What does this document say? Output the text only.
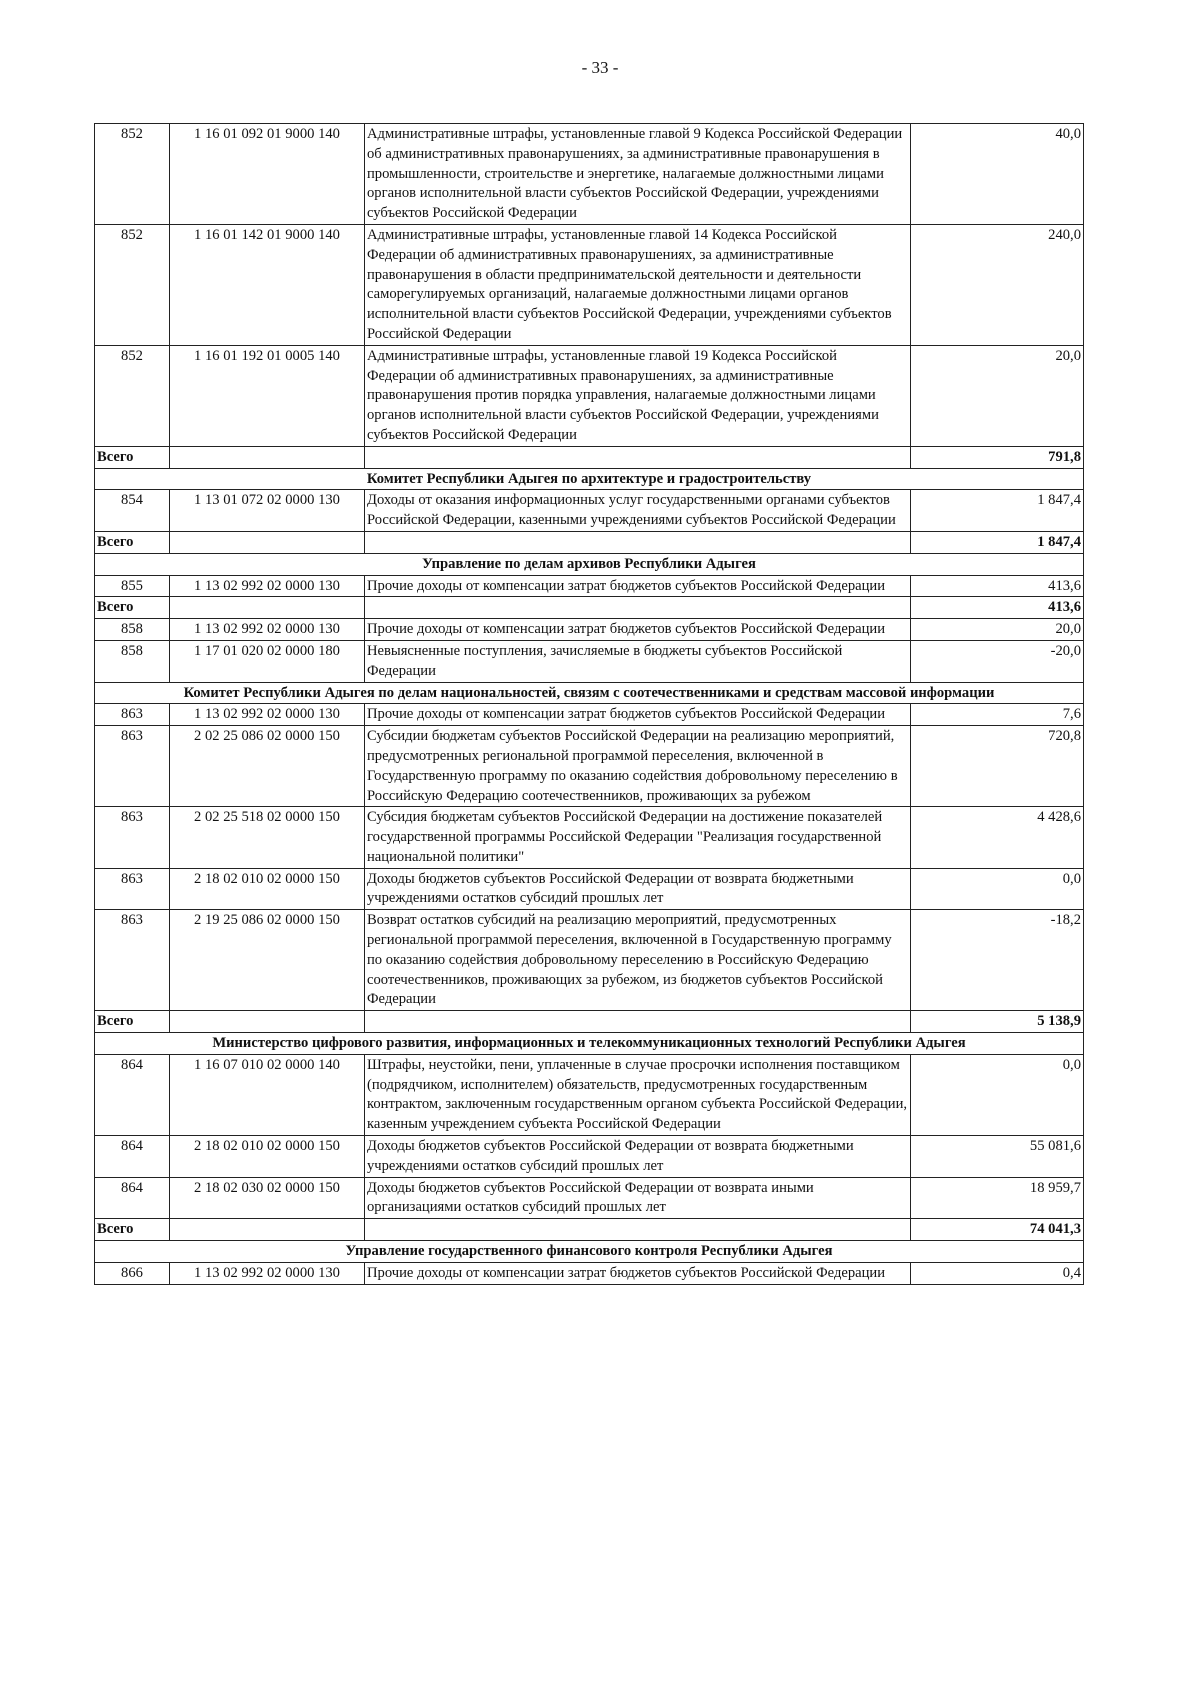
- 33 -
852	1 16 01 092 01 9000 140	Административные штрафы, установленные главой 9 Кодекса Российской Федерации об административных правонарушениях, за административные правонарушения в промышленности, строительстве и энергетике, налагаемые должностными лицами органов исполнительной власти субъектов Российской Федерации, учреждениями субъектов Российской Федерации	40,0
852	1 16 01 142 01 9000 140	Административные штрафы, установленные главой 14 Кодекса Российской Федерации об административных правонарушениях, за административные правонарушения в области предпринимательской деятельности и деятельности саморегулируемых организаций, налагаемые должностными лицами органов исполнительной власти субъектов Российской Федерации, учреждениями субъектов Российской Федерации	240,0
852	1 16 01 192 01 0005 140	Административные штрафы, установленные главой 19 Кодекса Российской Федерации об административных правонарушениях, за административные правонарушения против порядка управления, налагаемые должностными лицами органов исполнительной власти субъектов Российской Федерации, учреждениями субъектов Российской Федерации	20,0
Всего			791,8
Комитет Республики Адыгея по архитектуре и градостроительству			
854	1 13 01 072 02 0000 130	Доходы от оказания информационных услуг государственными органами субъектов Российской Федерации, казенными учреждениями субъектов Российской Федерации	1 847,4
Всего			1 847,4
Управление по делам архивов Республики Адыгея			
855	1 13 02 992 02 0000 130	Прочие доходы от компенсации затрат бюджетов субъектов Российской Федерации	413,6
Всего			413,6
858	1 13 02 992 02 0000 130	Прочие доходы от компенсации затрат бюджетов субъектов Российской Федерации	20,0
858	1 17 01 020 02 0000 180	Невыясненные поступления, зачисляемые в бюджеты субъектов Российской Федерации	-20,0
Комитет Республики Адыгея по делам национальностей, связям с соотечественниками и средствам массовой информации			
863	1 13 02 992 02 0000 130	Прочие доходы от компенсации затрат бюджетов субъектов Российской Федерации	7,6
863	2 02 25 086 02 0000 150	Субсидии бюджетам субъектов Российской Федерации на реализацию мероприятий, предусмотренных региональной программой переселения, включенной в Государственную программу по оказанию содействия добровольному переселению в Российскую Федерацию соотечественников, проживающих за рубежом	720,8
863	2 02 25 518 02 0000 150	Субсидия бюджетам субъектов Российской Федерации на достижение показателей государственной программы Российской Федерации "Реализация государственной национальной политики"	4 428,6
863	2 18 02 010 02 0000 150	Доходы бюджетов субъектов Российской Федерации от возврата бюджетными учреждениями остатков субсидий прошлых лет	0,0
863	2 19 25 086 02 0000 150	Возврат остатков субсидий на реализацию мероприятий, предусмотренных региональной программой переселения, включенной в Государственную программу по оказанию содействия добровольному переселению в Российскую Федерацию соотечественников, проживающих за рубежом, из бюджетов субъектов Российской Федерации	-18,2
Всего			5 138,9
Министерство цифрового развития, информационных и телекоммуникационных технологий Республики Адыгея			
864	1 16 07 010 02 0000 140	Штрафы, неустойки, пени, уплаченные в случае просрочки исполнения поставщиком (подрядчиком, исполнителем) обязательств, предусмотренных государственным контрактом, заключенным государственным органом субъекта Российской Федерации, казенным учреждением субъекта Российской Федерации	0,0
864	2 18 02 010 02 0000 150	Доходы бюджетов субъектов Российской Федерации от возврата бюджетными учреждениями остатков субсидий прошлых лет	55 081,6
864	2 18 02 030 02 0000 150	Доходы бюджетов субъектов Российской Федерации от возврата иными организациями остатков субсидий прошлых лет	18 959,7
Всего			74 041,3
Управление государственного финансового контроля Республики Адыгея			
866	1 13 02 992 02 0000 130	Прочие доходы от компенсации затрат бюджетов субъектов Российской Федерации	0,4
